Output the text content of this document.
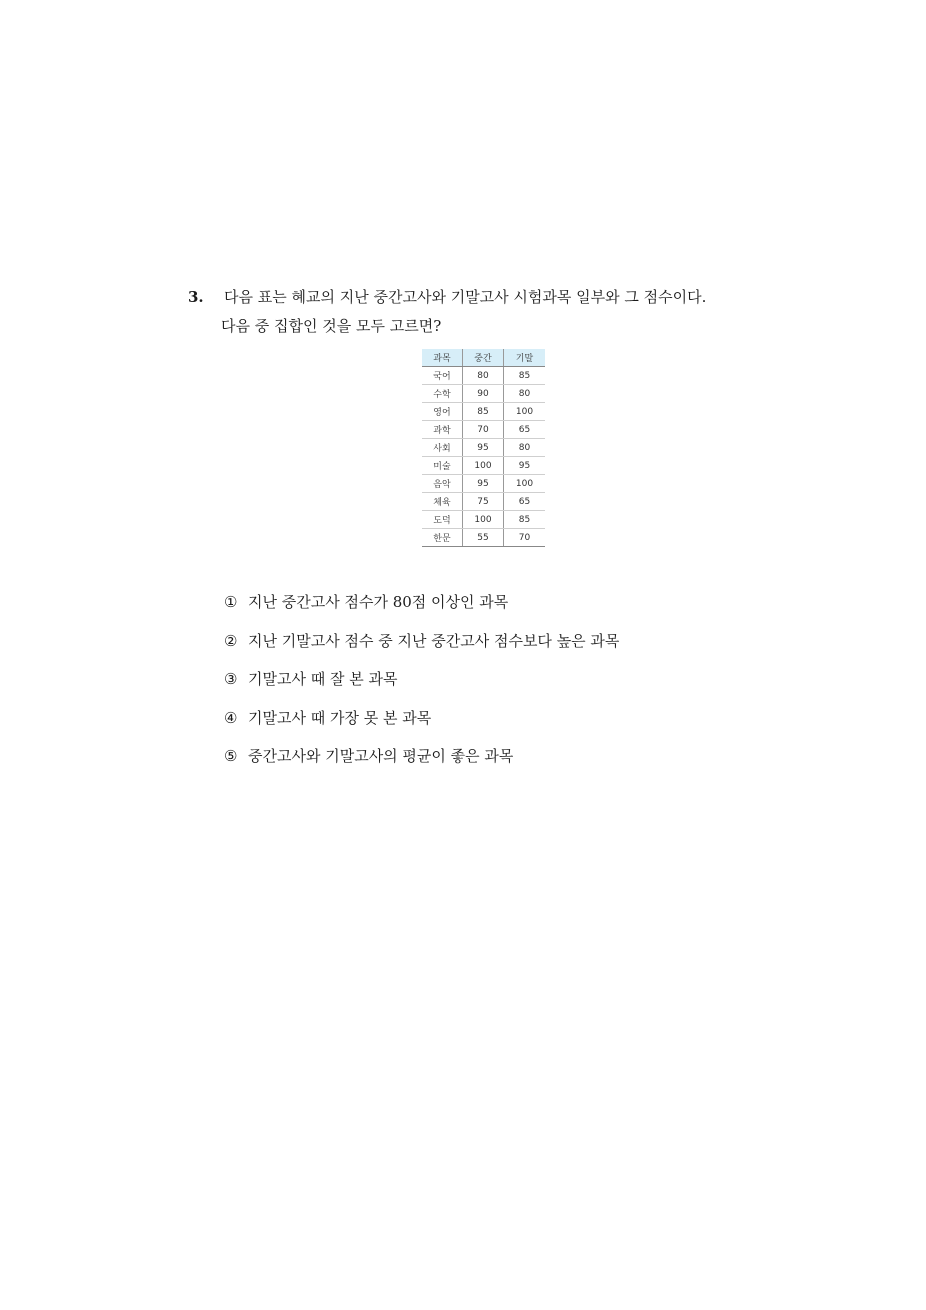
3. 다음 표는 혜교의 지난 중간고사와 기말고사 시험과목 일부와 그 점수이다.
다음 중 집합인 것을 모두 고르면?
과목	중간	기말
국어	80	85
수학	90	80
영어	85	100
과학	70	65
사회	95	80
미술	100	95
음악	95	100
체육	75	65
도덕	100	85
한문	55	70
① 지난 중간고사 점수가 80점 이상인 과목
② 지난 기말고사 점수 중 지난 중간고사 점수보다 높은 과목
③ 기말고사 때 잘 본 과목
④ 기말고사 때 가장 못 본 과목
⑤ 중간고사와 기말고사의 평균이 좋은 과목
